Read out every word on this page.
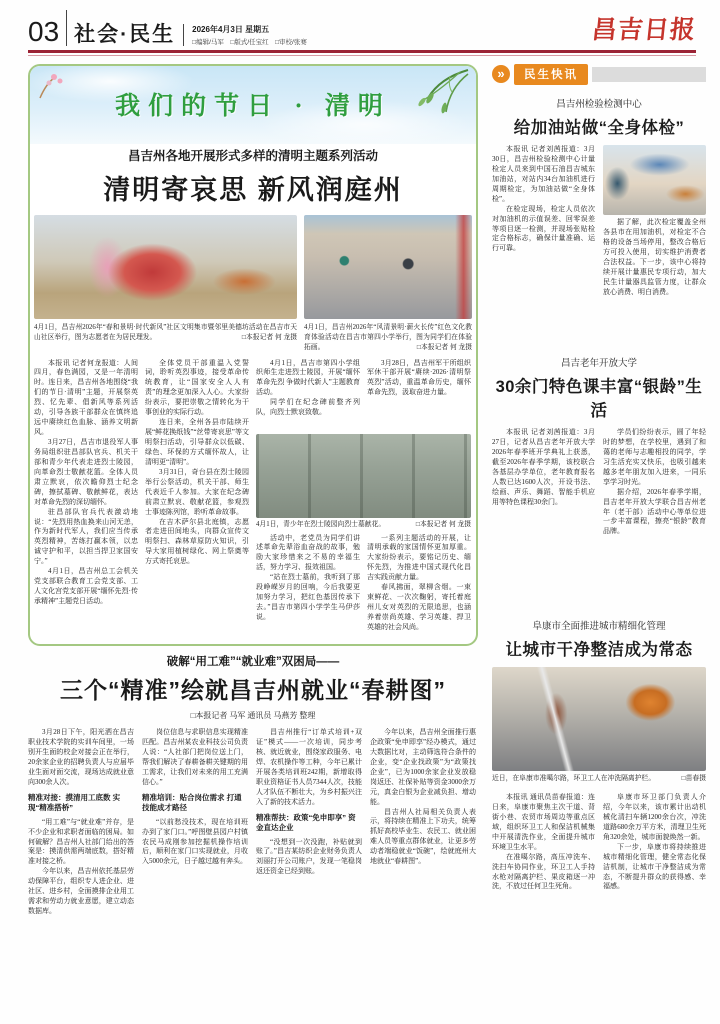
03 社会·民生 2026年4月3日 星期五
□编辑/马军　□版式/任宝红　□审校/张赛	昌吉日报
我们的节日 · 清明
昌吉州各地开展形式多样的清明主题系列活动
清明寄哀思 新风润庭州

4月1日，昌吉州2026年“春和景明·时代新风”社区文明集市暨邻里美德坊活动在昌吉市天山社区举行，图为志愿者在为居民理发。	□本报记者 何 龙摄

4月1日，昌吉州2026年“风清景明·薪火长传”红色文化教育体验活动在昌吉市第四小学举行，图为同学们在体验拓画。	□本报记者 何 龙摄

本报讯 记者何龙报道：人间四月，春色满园，又是一年清明时。连日来，昌吉州各地围绕“我们的节日·清明”主题，开展祭英烈、忆先辈、倡新风等系列活动，引导各族干部群众在慎终追远中赓续红色血脉、涵养文明新风。

3月27日，昌吉市退役军人事务局组织驻昌部队官兵、机关干部和青少年代表走进烈士陵园，向革命烈士敬献花篮。全体人员肃立默哀，依次瞻仰烈士纪念碑，擦拭墓碑、敬献鲜花，表达对革命先烈的深切缅怀。

驻昌部队官兵代表激动地说：“先烈用热血换来山河无恙，作为新时代军人，我们应当传承英烈精神，苦练打赢本领，以忠诚守护和平，以担当捍卫家国安宁。”

4月1日，昌吉州总工会机关党支部联合教育工会党支部、工人文化宫党支部开展“缅怀先烈·传承精神”主题党日活动。

全体党员干部重温入党誓词，聆听英烈事迹，接受革命传统教育，让“国家安全人人有责”的理念更加深入人心。大家纷纷表示，要把崇敬之情转化为干事创业的实际行动。

连日来，全州各县市陆续开展“鲜花换纸钱”“丝带寄哀思”等文明祭扫活动，引导群众以低碳、绿色、环保的方式缅怀故人，让清明更“清明”。

3月31日，奇台县在烈士陵园举行公祭活动，机关干部、师生代表近千人参加。大家在纪念碑前肃立默哀、敬献花篮，参观烈士事迹陈列馆，聆听革命故事。

在吉木萨尔县北庭镇，志愿者走进田间地头，向群众宣传文明祭扫、森林草原防火知识，引导大家用植树绿化、网上祭奠等方式寄托哀思。

4月1日，昌吉市第四小学组织师生走进烈士陵园，开展“缅怀革命先烈 争做时代新人”主题教育活动。

同学们在纪念碑前整齐列队，向烈士默哀致敬。

3月28日，昌吉州军干所组织军休干部开展“赓续·2026·清明祭英烈”活动，重温革命历史，缅怀革命先烈，汲取奋进力量。

4月1日，青少年在烈士陵园向烈士墓献花。	□本报记者 何 龙摄

活动中，老党员为同学们讲述革命先辈浴血奋战的故事，勉励大家珍惜来之不易的幸福生活，努力学习、报效祖国。

“站在烈士墓前，我听到了那段峥嵘岁月的回响，今后我要更加努力学习，把红色基因传承下去。”昌吉市第四小学学生马伊莎说。

一系列主题活动的开展，让清明承载的家国情怀更加厚重。大家纷纷表示，要铭记历史、缅怀先烈，为推进中国式现代化昌吉实践贡献力量。

春风拂面，翠柳含烟。一束束鲜花、一次次鞠躬，寄托着庭州儿女对英烈的无限追思，也涵养着崇尚英雄、学习英雄、捍卫英雄的社会风尚。

破解“用工难”“就业难”双困局——
三个“精准”绘就昌吉州就业“春耕图”
□本报记者 马军 通讯员 马燕芳 整理

3月28日下午，阳光洒在昌吉职业技术学院的实训车间里，一场别开生面的校企对接会正在举行，20余家企业的招聘负责人与应届毕业生面对面交流，现场达成就业意向300余人次。

精准对接：摸清用工底数 实现“精准搭桥”

“用工难”与“就业难”并存，是不少企业和求职者面临的困局。如何破解？昌吉州人社部门给出的答案是：摸清供需两端底数，搭好精准对接之桥。

今年以来，昌吉州依托基层劳动保障平台，组织专人进企业、进社区、进乡村，全面摸排企业用工需求和劳动力就业意愿，建立动态数据库。

岗位信息与求职信息实现精准匹配。昌吉州某农业科技公司负责人说：“人社部门把岗位送上门，帮我们解决了春耕备耕关键期的用工需求，让我们对未来的用工充满信心。”

精准培训：贴合岗位需求 打通技能成才路径

“以前愁没技术，现在培训班办到了家门口。”呼图壁县园户村镇农民马成刚参加挖掘机操作培训后，顺利在家门口实现就业，月收入5000余元，日子越过越有奔头。

昌吉州推行“订单式培训+双证”模式——一次培训，同步考核、就近就业，围绕家政服务、电焊、农机操作等工种，今年已累计开展各类培训班242期，新增取得职业资格证书人员7344人次，技能人才队伍不断壮大，为乡村振兴注入了新的技术活力。

精准帮扶：政策“免申即享” 资金直达企业

“没想到一次没跑，补贴就到账了。”昌吉某纺织企业财务负责人刘丽打开公司账户，发现一笔稳岗返还资金已经到账。

今年以来，昌吉州全面推行惠企政策“免申即享”经办模式，通过大数据比对，主动筛选符合条件的企业，变“企业找政策”为“政策找企业”，已为1000余家企业发放稳岗返还、社保补贴等资金3000余万元，真金白银为企业减负担、增动能。

昌吉州人社局相关负责人表示，将持续在精准上下功夫，统筹抓好高校毕业生、农民工、就业困难人员等重点群体就业，让更多劳动者端稳就业“饭碗”，绘就庭州大地就业“春耕图”。

»	民生快讯
昌吉州检验检测中心
给加油站做“全身体检”

本报讯 记者刘茜报道：3月30日，昌吉州检验检测中心计量检定人员来到中国石油昌吉城东加油站，对站内34台加油机进行周期检定，为加油站做“全身体检”。

在检定现场，检定人员依次对加油机的示值误差、回零误差等项目逐一检测，并现场张贴检定合格标志，确保计量准确、运行可靠。

据了解，此次检定覆盖全州各县市在用加油机，对检定不合格的设备当场停用，整改合格后方可投入使用，切实维护消费者合法权益。下一步，该中心将持续开展计量惠民专项行动，加大民生计量器具监管力度，让群众放心消费、明白消费。

昌吉老年开放大学
30余门特色课丰富“银龄”生活

本报讯 记者刘茜报道：3月27日，记者从昌吉老年开放大学2026年春季班开学典礼上获悉，截至2026年春季学期，该校联合各基层办学单位，老年教育报名人数已达1600人次，开设书法、绘画、声乐、舞蹈、智能手机应用等特色课程30余门。

学员们纷纷表示，圆了年轻时的梦想，在学校里，遇到了和蔼的老师与志趣相投的同学，学习生活充实又快乐，也吸引越来越多老年朋友加入进来，一同乐享学习时光。

据介绍，2026年春季学期，昌吉老年开放大学联合昌吉州老年（老干部）活动中心等单位进一步丰富课程，擦亮“银龄”教育品牌。

阜康市全面推进城市精细化管理
让城市干净整洁成为常态

近日，在阜康市准噶尔路，环卫工人在冲洗隔离护栏。	□苗春摄

本报讯 通讯员苗春报道：连日来，阜康市聚焦主次干道、背街小巷、农贸市场周边等重点区域，组织环卫工人和保洁机械集中开展清洗作业，全面提升城市环境卫生水平。

在准噶尔路，高压冲洗车、洗扫车协同作业，环卫工人手持水枪对隔离护栏、果皮箱逐一冲洗，不放过任何卫生死角。

阜康市环卫部门负责人介绍，今年以来，该市累计出动机械化清扫车辆1200余台次，冲洗道路680余万平方米，清理卫生死角320余处，城市面貌焕然一新。

下一步，阜康市将持续推进城市精细化管理，健全常态化保洁机制，让城市干净整洁成为常态，不断提升群众的获得感、幸福感。
